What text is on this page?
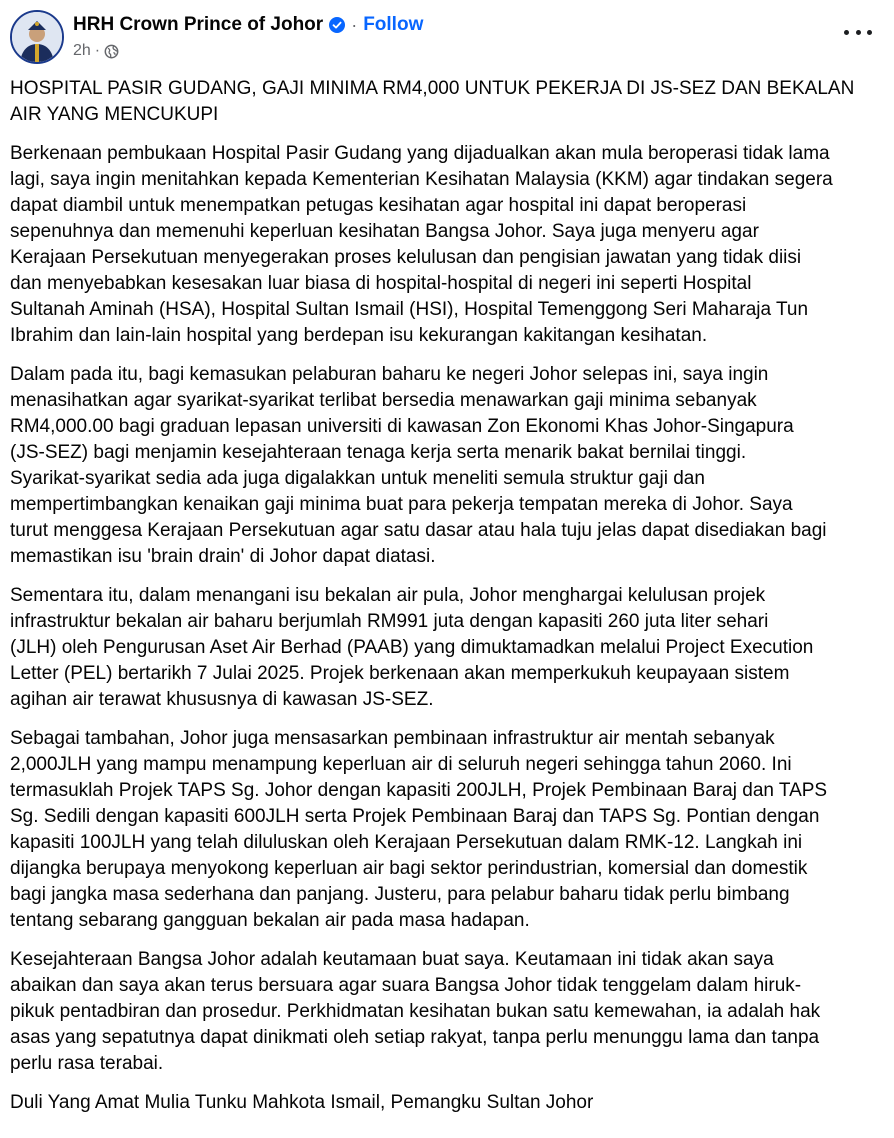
HRH Crown Prince of Johor · Follow
2h ·

HOSPITAL PASIR GUDANG, GAJI MINIMA RM4,000 UNTUK PEKERJA DI JS-SEZ DAN BEKALAN
AIR YANG MENCUKUPI

Berkenaan pembukaan Hospital Pasir Gudang yang dijadualkan akan mula beroperasi tidak lama
lagi, saya ingin menitahkan kepada Kementerian Kesihatan Malaysia (KKM) agar tindakan segera
dapat diambil untuk menempatkan petugas kesihatan agar hospital ini dapat beroperasi
sepenuhnya dan memenuhi keperluan kesihatan Bangsa Johor. Saya juga menyeru agar
Kerajaan Persekutuan menyegerakan proses kelulusan dan pengisian jawatan yang tidak diisi
dan menyebabkan kesesakan luar biasa di hospital-hospital di negeri ini seperti Hospital
Sultanah Aminah (HSA), Hospital Sultan Ismail (HSI), Hospital Temenggong Seri Maharaja Tun
Ibrahim dan lain-lain hospital yang berdepan isu kekurangan kakitangan kesihatan.

Dalam pada itu, bagi kemasukan pelaburan baharu ke negeri Johor selepas ini, saya ingin
menasihatkan agar syarikat-syarikat terlibat bersedia menawarkan gaji minima sebanyak
RM4,000.00 bagi graduan lepasan universiti di kawasan Zon Ekonomi Khas Johor-Singapura
(JS-SEZ) bagi menjamin kesejahteraan tenaga kerja serta menarik bakat bernilai tinggi.
Syarikat-syarikat sedia ada juga digalakkan untuk meneliti semula struktur gaji dan
mempertimbangkan kenaikan gaji minima buat para pekerja tempatan mereka di Johor. Saya
turut menggesa Kerajaan Persekutuan agar satu dasar atau hala tuju jelas dapat disediakan bagi
memastikan isu 'brain drain' di Johor dapat diatasi.

Sementara itu, dalam menangani isu bekalan air pula, Johor menghargai kelulusan projek
infrastruktur bekalan air baharu berjumlah RM991 juta dengan kapasiti 260 juta liter sehari
(JLH) oleh Pengurusan Aset Air Berhad (PAAB) yang dimuktamadkan melalui Project Execution
Letter (PEL) bertarikh 7 Julai 2025. Projek berkenaan akan memperkukuh keupayaan sistem
agihan air terawat khususnya di kawasan JS-SEZ.

Sebagai tambahan, Johor juga mensasarkan pembinaan infrastruktur air mentah sebanyak
2,000JLH yang mampu menampung keperluan air di seluruh negeri sehingga tahun 2060. Ini
termasuklah Projek TAPS Sg. Johor dengan kapasiti 200JLH, Projek Pembinaan Baraj dan TAPS
Sg. Sedili dengan kapasiti 600JLH serta Projek Pembinaan Baraj dan TAPS Sg. Pontian dengan
kapasiti 100JLH yang telah diluluskan oleh Kerajaan Persekutuan dalam RMK-12. Langkah ini
dijangka berupaya menyokong keperluan air bagi sektor perindustrian, komersial dan domestik
bagi jangka masa sederhana dan panjang. Justeru, para pelabur baharu tidak perlu bimbang
tentang sebarang gangguan bekalan air pada masa hadapan.

Kesejahteraan Bangsa Johor adalah keutamaan buat saya. Keutamaan ini tidak akan saya
abaikan dan saya akan terus bersuara agar suara Bangsa Johor tidak tenggelam dalam hiruk-
pikuk pentadbiran dan prosedur. Perkhidmatan kesihatan bukan satu kemewahan, ia adalah hak
asas yang sepatutnya dapat dinikmati oleh setiap rakyat, tanpa perlu menunggu lama dan tanpa
perlu rasa terabai.

Duli Yang Amat Mulia Tunku Mahkota Ismail, Pemangku Sultan Johor
